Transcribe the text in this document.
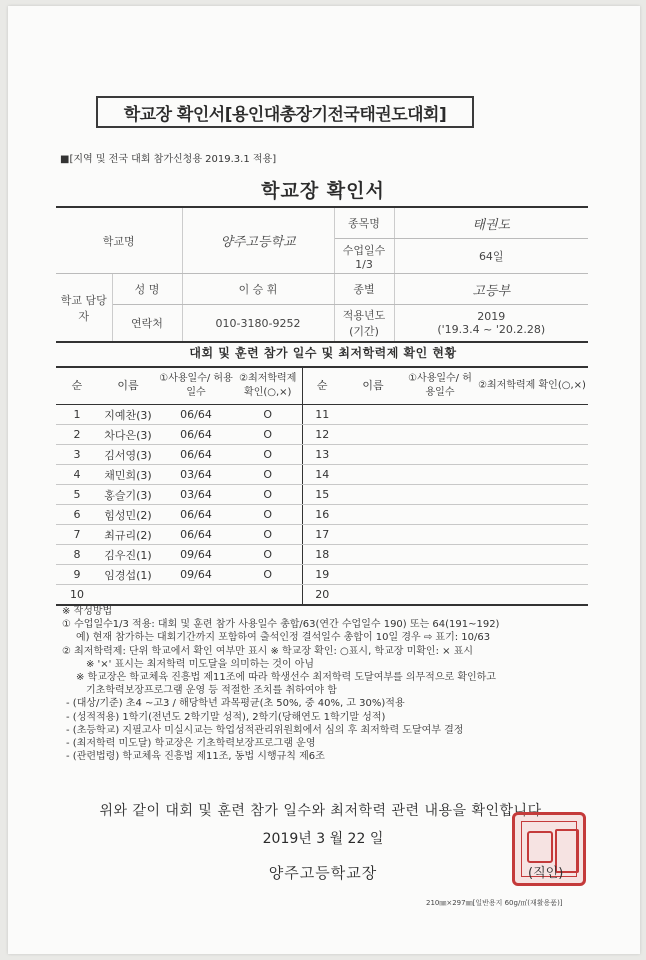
학교장 확인서[용인대총장기전국태권도대회]
■[지역 및 전국 대회 참가신청용 2019.3.1 적용]
학교장 확인서
학교명		양주고등학교	종목명	태권도
			수업일수 1/3	64일
학교 담당자	성 명	이 승 휘	종별	고등부
	연락처	010-3180-9252	적용년도 (기간)	2019
('19.3.4 ~ '20.2.28)
대회 및 훈련 참가 일수 및 최저학력제 확인 현황
순	이름	①사용일수/ 허용일수	②최저학력제 확인(○,×)	순	이름	①사용일수/ 허용일수	②최저학력제 확인(○,×)
1	지예찬(3)	06/64	O	11			
2	차다은(3)	06/64	O	12			
3	김서영(3)	06/64	O	13			
4	채민희(3)	03/64	O	14			
5	홍슬기(3)	03/64	O	15			
6	힘성민(2)	06/64	O	16			
7	최규리(2)	06/64	O	17			
8	김우진(1)	09/64	O	18			
9	임경섭(1)	09/64	O	19			
10				20			
※ 작성방법
① 수업일수1/3 적용: 대회 및 훈련 참가 사용일수 총합/63(연간 수업일수 190) 또는 64(191~192)
예) 현재 참가하는 대회기간까지 포함하여 출석인정 결석일수 총합이 10일 경우 ⇨ 표기: 10/63
② 최저학력제: 단위 학교에서 확인 여부만 표시 ※ 학교장 확인: ○표시, 학교장 미확인: × 표시
※ '×' 표시는 최저학력 미도달을 의미하는 것이 아님
※ 학교장은 학교체육 진흥법 제11조에 따라 학생선수 최저학력 도달여부를 의무적으로 확인하고
기초학력보장프로그램 운영 등 적절한 조치를 취하여야 함
- (대상/기준) 초4 ~고3 / 해당학년 과목평균(초 50%, 중 40%, 고 30%)적용
- (성적적용) 1학기(전년도 2학기말 성적), 2학기(당해연도 1학기말 성적)
- (초등학교) 지필고사 미실시교는 학업성적관리위원회에서 심의 후 최저학력 도달여부 결정
- (최저학력 미도달) 학교장은 기초학력보장프로그램 운영
- (관련법령) 학교체육 진흥법 제11조, 동법 시행규칙 제6조
위와 같이 대회 및 훈련 참가 일수와 최저학력 관련 내용을 확인합니다.
2019년 3 월 22 일
양주고등학교장	(직인)
210㎜×297㎜[일반용지 60g/㎡(재활용품)]
